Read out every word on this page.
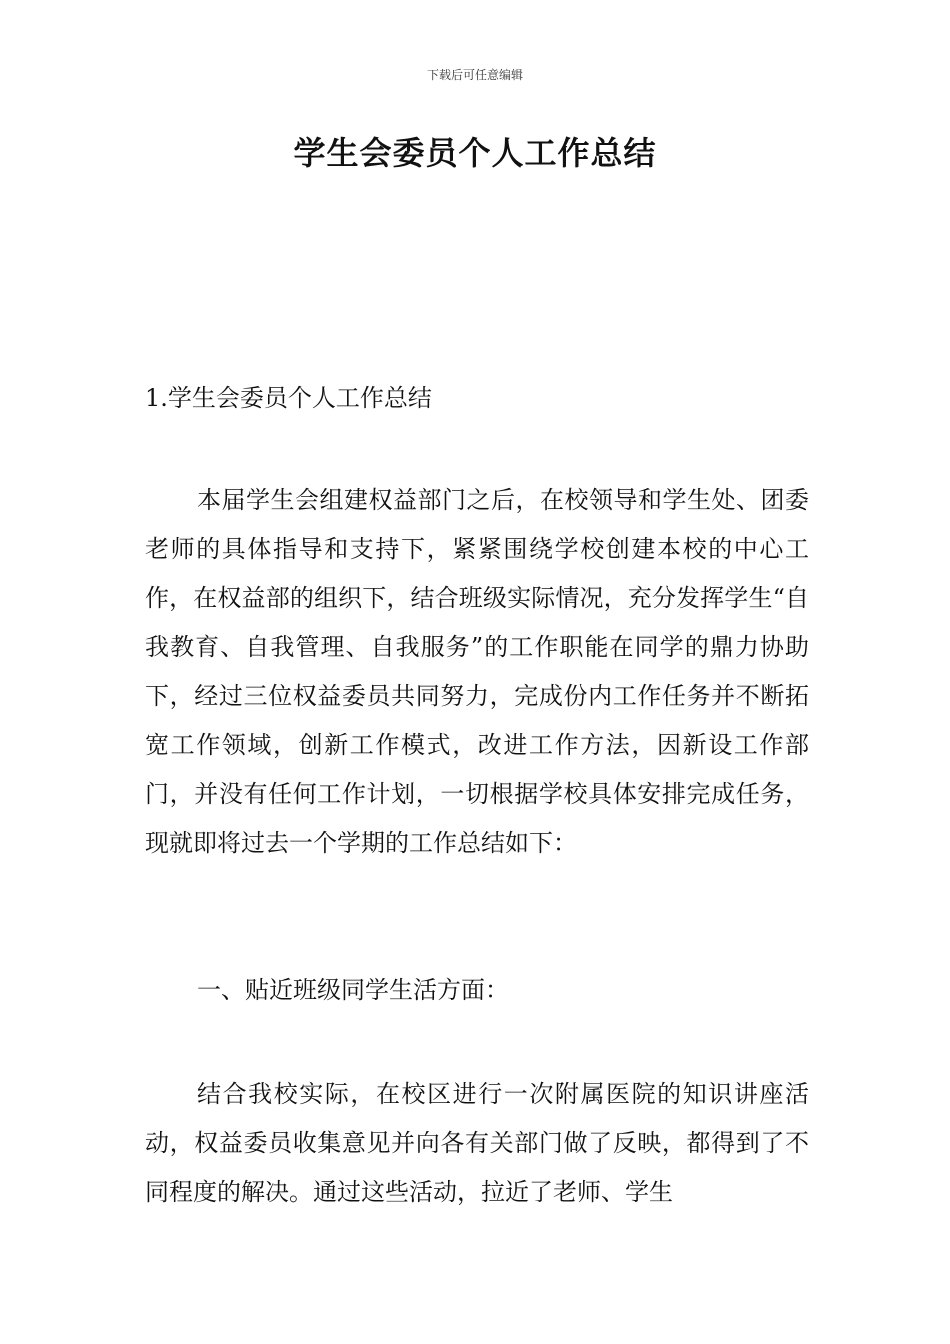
下载后可任意编辑
学生会委员个人工作总结
1.学生会委员个人工作总结

本届学生会组建权益部门之后，在校领导和学生处、团委老师的具体指导和支持下，紧紧围绕学校创建本校的中心工作，在权益部的组织下，结合班级实际情况，充分发挥学生“自我教育、自我管理、自我服务”的工作职能在同学的鼎力协助下，经过三位权益委员共同努力，完成份内工作任务并不断拓宽工作领域，创新工作模式，改进工作方法，因新设工作部门，并没有任何工作计划，一切根据学校具体安排完成任务，现就即将过去一个学期的工作总结如下：

一、贴近班级同学生活方面：

结合我校实际，在校区进行一次附属医院的知识讲座活动，权益委员收集意见并向各有关部门做了反映，都得到了不同程度的解决。通过这些活动，拉近了老师、学生
